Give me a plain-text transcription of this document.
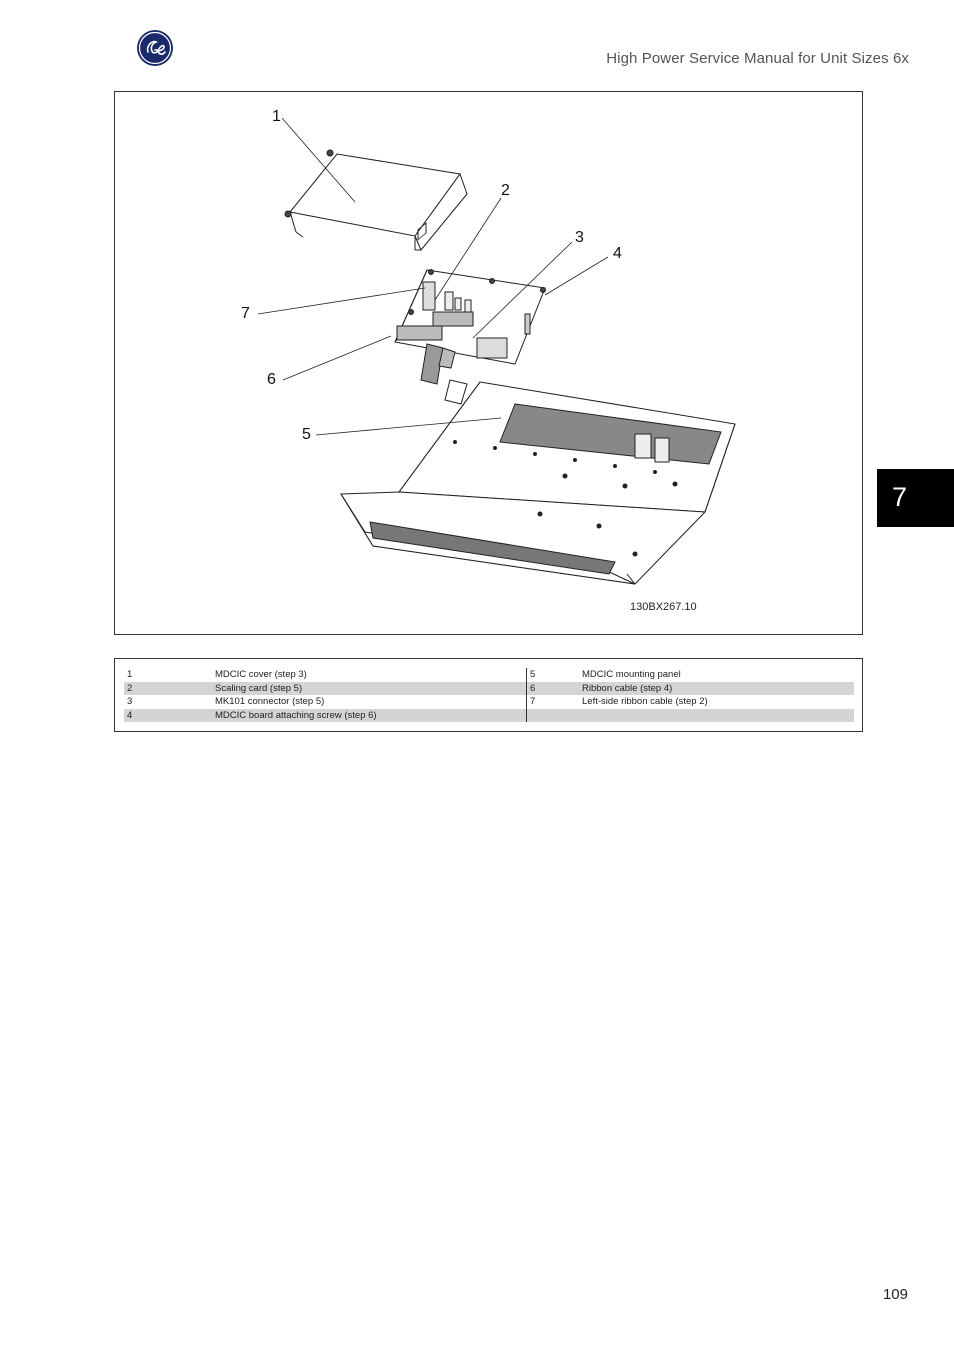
High Power Service Manual for Unit Sizes 6x
1
2
3
4
5
6
7
130BX267.10
1	MDCIC cover (step 3)
2	Scaling card (step 5)
3	MK101 connector (step 5)
4	MDCIC board attaching screw (step 6)
5	MDCIC mounting panel
6	Ribbon cable (step 4)
7	Left-side ribbon cable (step 2)
7
109
